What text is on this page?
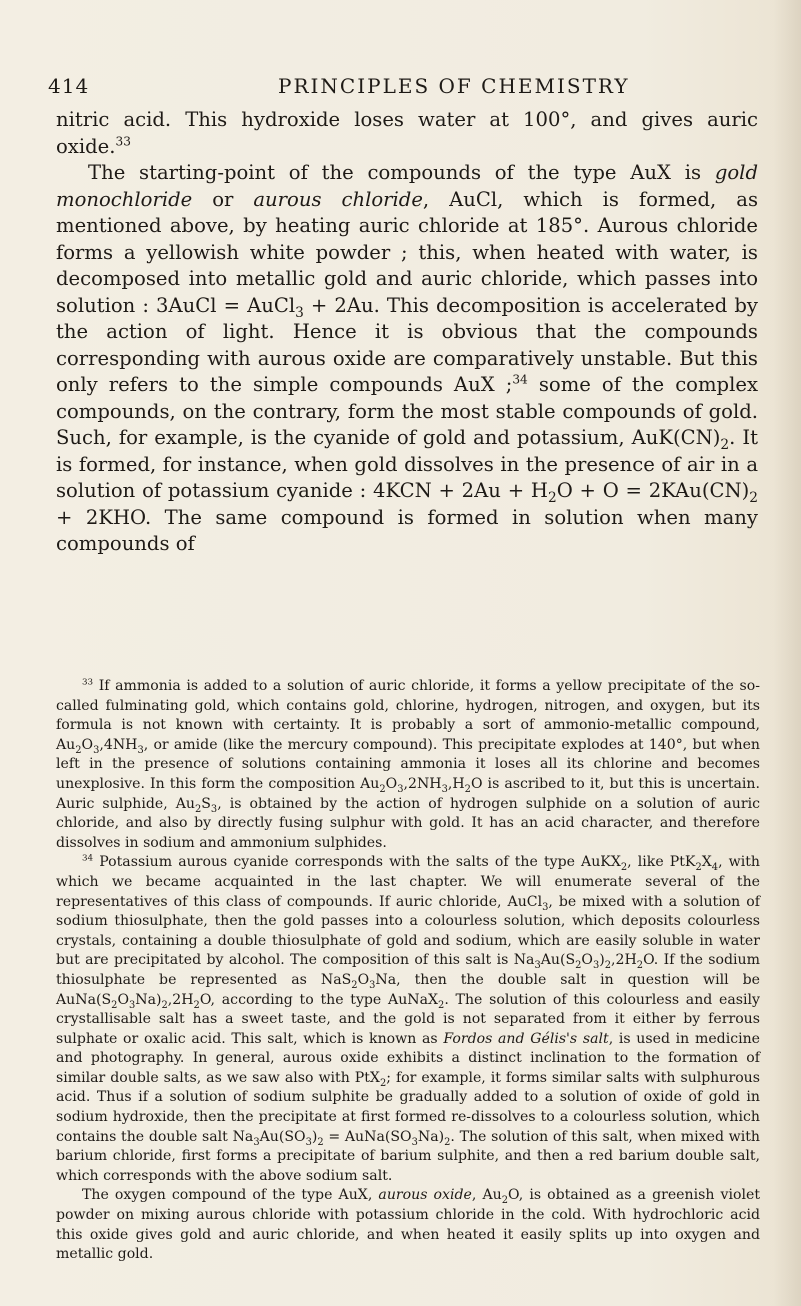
414	PRINCIPLES OF CHEMISTRY

nitric acid. This hydroxide loses water at 100°, and gives auric oxide.$^{33}$

The starting-point of the compounds of the type AuX is gold monochloride or aurous chloride, AuCl, which is formed, as mentioned above, by heating auric chloride at 185°. Aurous chloride forms a yellowish white powder ; this, when heated with water, is decomposed into metallic gold and auric chloride, which passes into solution : 3AuCl = AuCl$_3$ + 2Au. This decomposition is accelerated by the action of light. Hence it is obvious that the compounds corresponding with aurous oxide are comparatively unstable. But this only refers to the simple compounds AuX ;$^{34}$ some of the complex compounds, on the contrary, form the most stable compounds of gold. Such, for example, is the cyanide of gold and potassium, $AuK(CN)_2$. It is formed, for instance, when gold dissolves in the presence of air in a solution of potassium cyanide : $4KCN + 2Au + H_2O + O = 2KAu(CN)_2 + 2KHO$. The same compound is formed in solution when many compounds of

$^{33}$ If ammonia is added to a solution of auric chloride, it forms a yellow precipitate of the so-called fulminating gold, which contains gold, chlorine, hydrogen, nitrogen, and oxygen, but its formula is not known with certainty. It is probably a sort of ammonio-metallic compound, $Au_2O_3,4NH_3$, or amide (like the mercury compound). This precipitate explodes at 140°, but when left in the presence of solutions containing ammonia it loses all its chlorine and becomes unexplosive. In this form the composition $Au_2O_3,2NH_3,H_2O$ is ascribed to it, but this is uncertain. Auric sulphide, $Au_2S_3$, is obtained by the action of hydrogen sulphide on a solution of auric chloride, and also by directly fusing sulphur with gold. It has an acid character, and therefore dissolves in sodium and ammonium sulphides.

$^{34}$ Potassium aurous cyanide corresponds with the salts of the type AuKX$_2$, like $PtK_2X_4$, with which we became acquainted in the last chapter. We will enumerate several of the representatives of this class of compounds. If auric chloride, AuCl$_3$, be mixed with a solution of sodium thiosulphate, then the gold passes into a colourless solution, which deposits colourless crystals, containing a double thiosulphate of gold and sodium, which are easily soluble in water but are precipitated by alcohol. The composition of this salt is $Na_3Au(S_2O_3)_2,2H_2O$. If the sodium thiosulphate be represented as $NaS_2O_3Na$, then the double salt in question will be $AuNa(S_2O_3Na)_2,2H_2O$, according to the type AuNaX$_2$. The solution of this colourless and easily crystallisable salt has a sweet taste, and the gold is not separated from it either by ferrous sulphate or oxalic acid. This salt, which is known as Fordos and Gélis's salt, is used in medicine and photography. In general, aurous oxide exhibits a distinct inclination to the formation of similar double salts, as we saw also with PtX$_2$; for example, it forms similar salts with sulphurous acid. Thus if a solution of sodium sulphite be gradually added to a solution of oxide of gold in sodium hydroxide, then the precipitate at first formed re-dissolves to a colourless solution, which contains the double salt $Na_3Au(SO_3)_2$ = $AuNa(SO_3Na)_2$. The solution of this salt, when mixed with barium chloride, first forms a precipitate of barium sulphite, and then a red barium double salt, which corresponds with the above sodium salt.

The oxygen compound of the type AuX, aurous oxide, $Au_2O$, is obtained as a greenish violet powder on mixing aurous chloride with potassium chloride in the cold. With hydrochloric acid this oxide gives gold and auric chloride, and when heated it easily splits up into oxygen and metallic gold.
